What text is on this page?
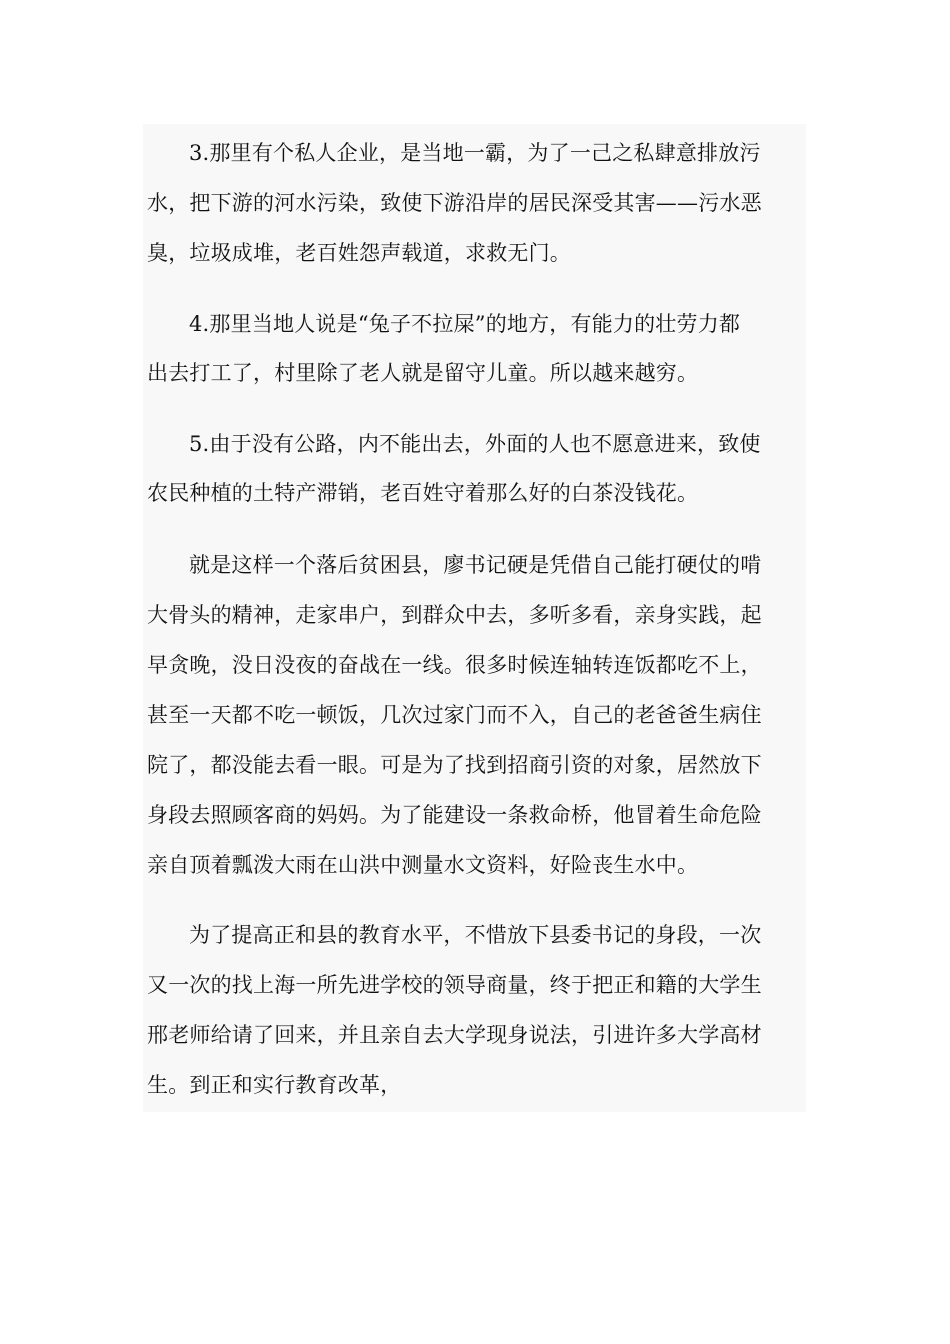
3.那里有个私人企业，是当地一霸，为了一己之私肆意排放污
水，把下游的河水污染，致使下游沿岸的居民深受其害——污水恶
臭，垃圾成堆，老百姓怨声载道，求救无门。
4.那里当地人说是“兔子不拉屎”的地方，有能力的壮劳力都
出去打工了，村里除了老人就是留守儿童。所以越来越穷。
5.由于没有公路，内不能出去，外面的人也不愿意进来，致使
农民种植的土特产滞销，老百姓守着那么好的白茶没钱花。
就是这样一个落后贫困县，廖书记硬是凭借自己能打硬仗的啃
大骨头的精神，走家串户，到群众中去，多听多看，亲身实践，起
早贪晚，没日没夜的奋战在一线。很多时候连轴转连饭都吃不上，
甚至一天都不吃一顿饭，几次过家门而不入，自己的老爸爸生病住
院了，都没能去看一眼。可是为了找到招商引资的对象，居然放下
身段去照顾客商的妈妈。为了能建设一条救命桥，他冒着生命危险
亲自顶着瓢泼大雨在山洪中测量水文资料，好险丧生水中。
为了提高正和县的教育水平，不惜放下县委书记的身段，一次
又一次的找上海一所先进学校的领导商量，终于把正和籍的大学生
邢老师给请了回来，并且亲自去大学现身说法，引进许多大学高材
生。到正和实行教育改革，
